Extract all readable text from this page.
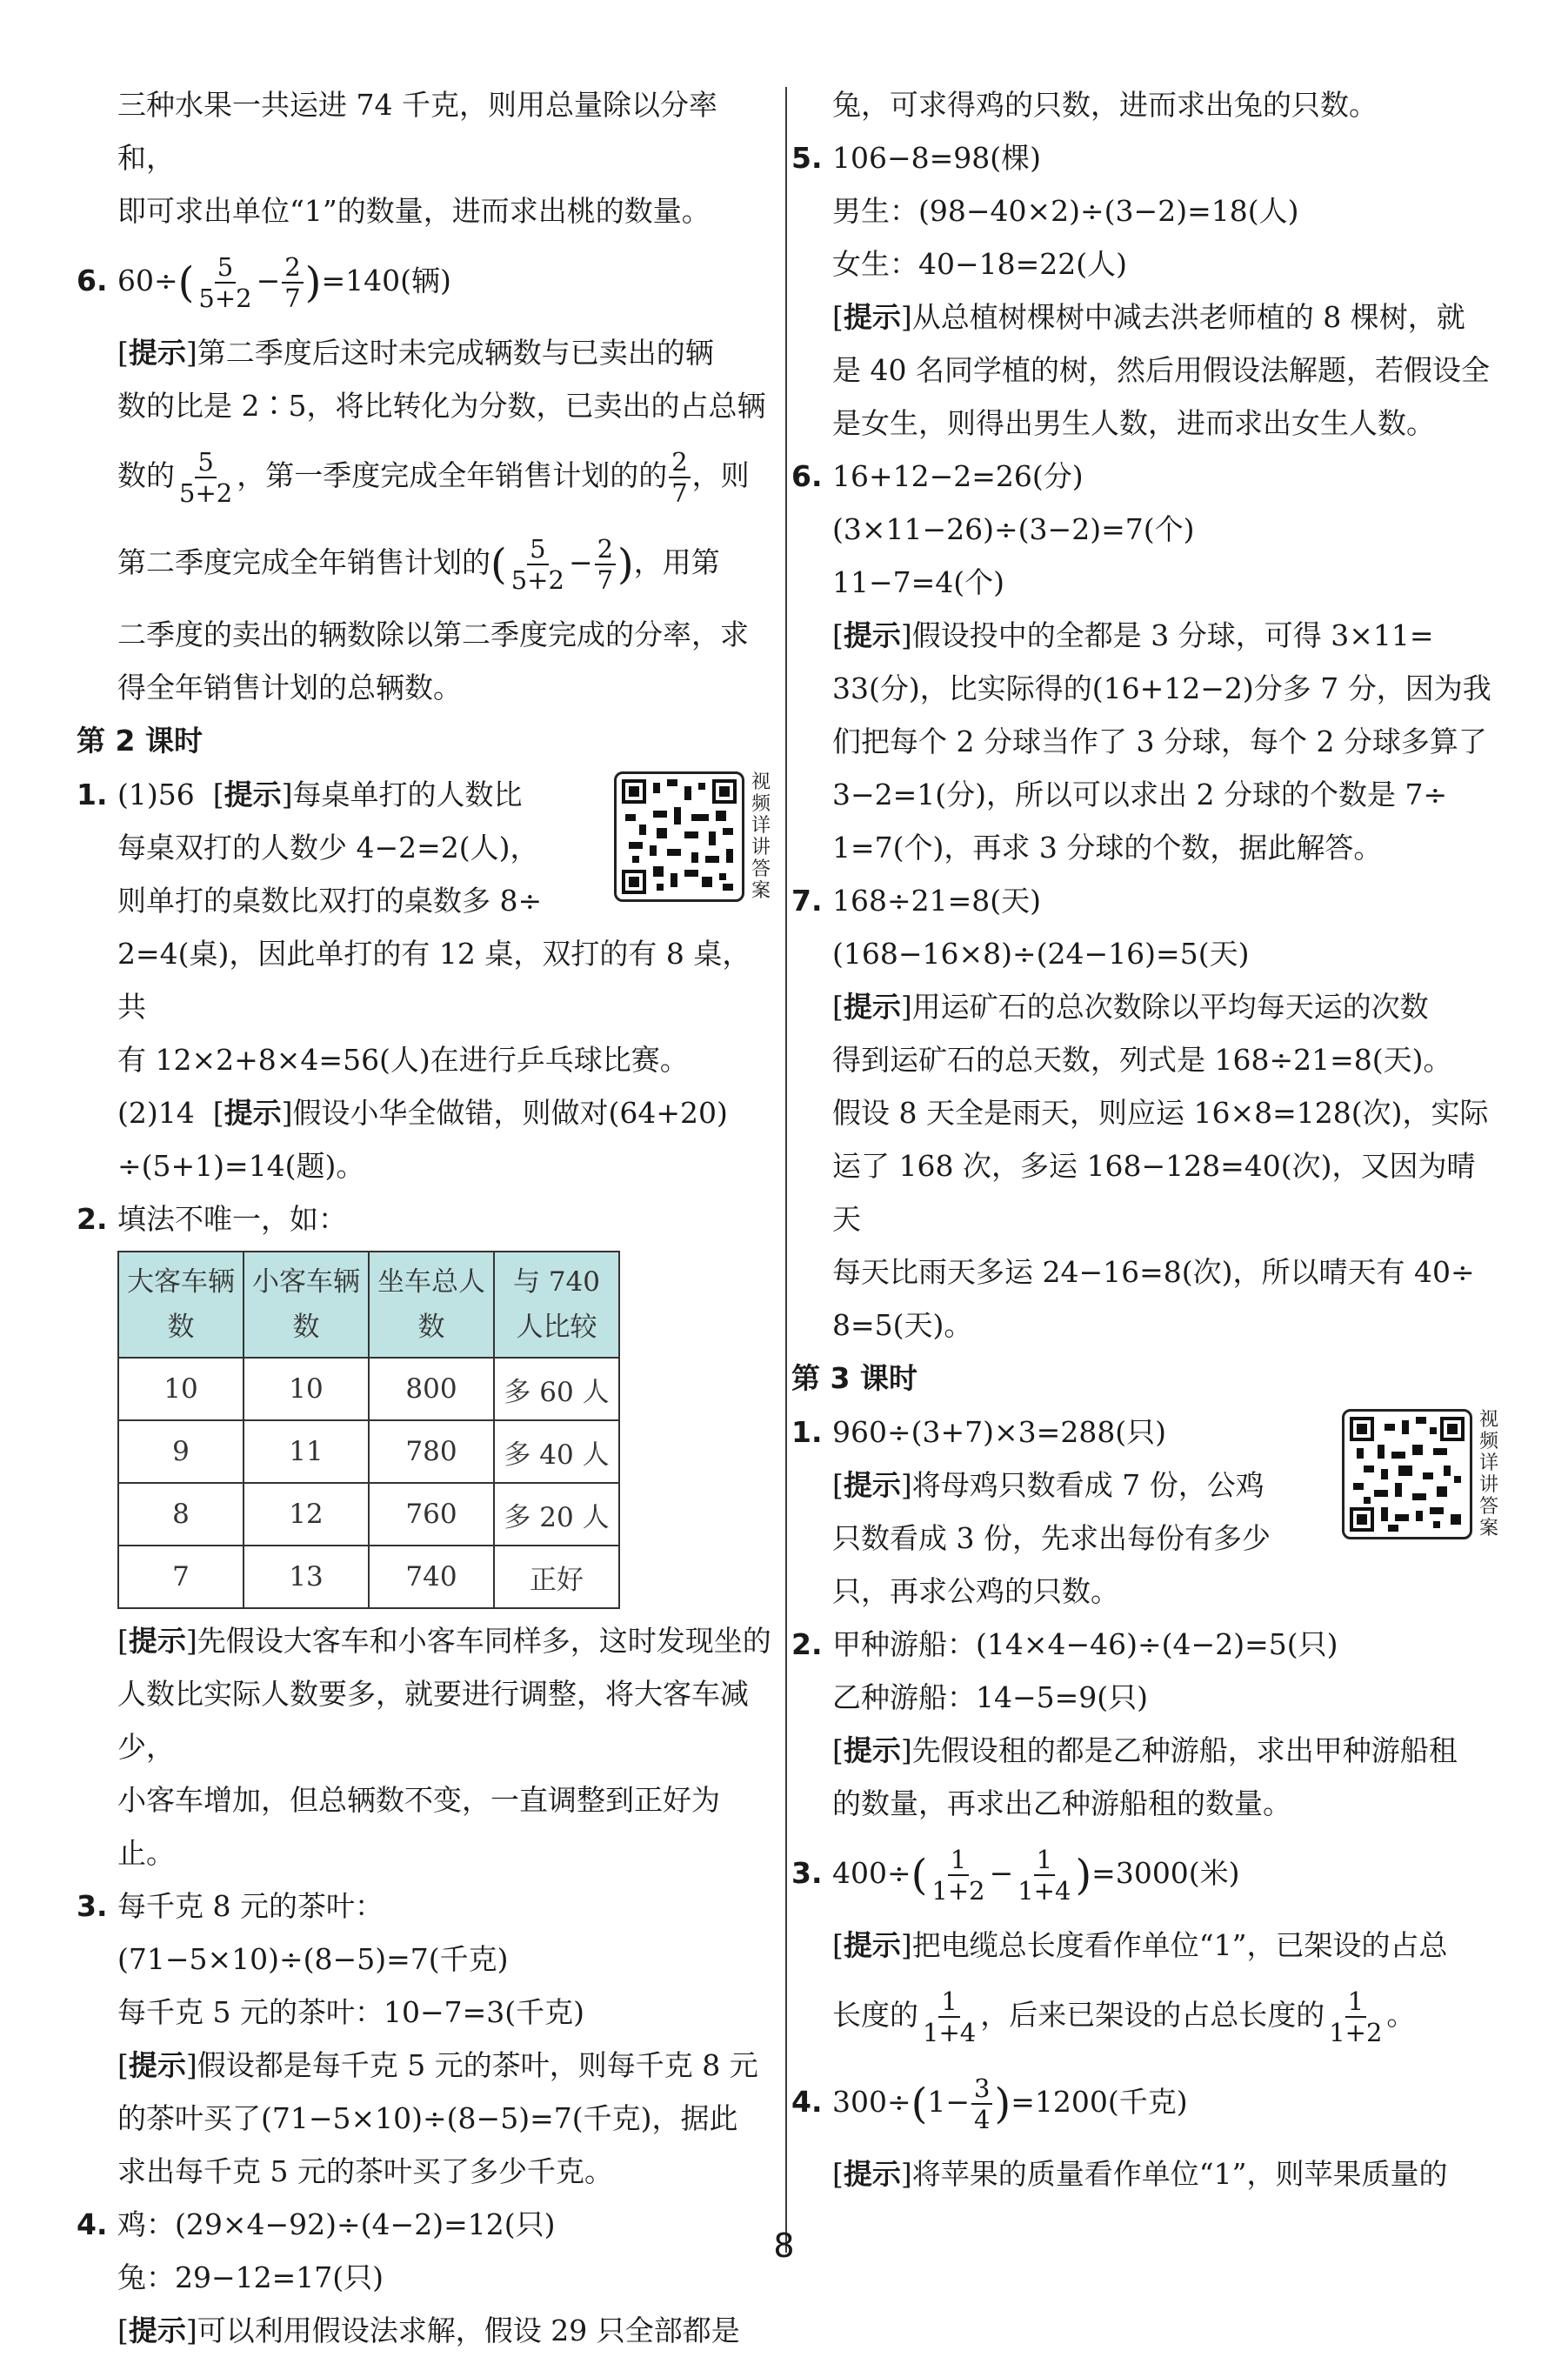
三种水果一共运进 74 千克，则用总量除以分率和，

即可求出单位“1”的数量，进而求出桃的数量。

6. $60\div( \frac{5}{5+2} - \frac{2}{7} )=140$(辆)

[提示]第二季度后这时未完成辆数与已卖出的辆

数的比是 2∶5，将比转化为分数，已卖出的占总辆

数的 $\frac{5}{5+2}$ ，第一季度完成全年销售计划的的 $\frac{2}{7}$ ，则

第二季度完成全年销售计划的( $\frac{5}{5+2} - \frac{2}{7}$ )，用第

二季度的卖出的辆数除以第二季度完成的分率，求

得全年销售计划的总辆数。

第 2 课时

视频详讲答案

1. (1)56  [提示]每桌单打的人数比

每桌双打的人数少 4−2=2(人)，

则单打的桌数比双打的桌数多 8÷

2=4(桌)，因此单打的有 12 桌，双打的有 8 桌，共

有 12×2+8×4=56(人)在进行乒乓球比赛。

(2)14  [提示]假设小华全做错，则做对(64+20)

÷(5+1)=14(题)。

2. 填法不唯一，如：

大客车辆数	小客车辆数	坐车总人数	与 740 人比较
10	10	800	多 60 人
9	11	780	多 40 人
8	12	760	多 20 人
7	13	740	正好

[提示]先假设大客车和小客车同样多，这时发现坐的

人数比实际人数要多，就要进行调整，将大客车减少，

小客车增加，但总辆数不变，一直调整到正好为止。

3. 每千克 8 元的茶叶：

(71−5×10)÷(8−5)=7(千克)

每千克 5 元的茶叶：10−7=3(千克)

[提示]假设都是每千克 5 元的茶叶，则每千克 8 元

的茶叶买了(71−5×10)÷(8−5)=7(千克)，据此

求出每千克 5 元的茶叶买了多少千克。

4. 鸡：(29×4−92)÷(4−2)=12(只)

兔：29−12=17(只)

[提示]可以利用假设法求解，假设 29 只全部都是

兔，可求得鸡的只数，进而求出兔的只数。

5. 106−8=98(棵)

男生：(98−40×2)÷(3−2)=18(人)

女生：40−18=22(人)

[提示]从总植树棵树中减去洪老师植的 8 棵树，就

是 40 名同学植的树，然后用假设法解题，若假设全

是女生，则得出男生人数，进而求出女生人数。

6. 16+12−2=26(分)

(3×11−26)÷(3−2)=7(个)

11−7=4(个)

[提示]假设投中的全都是 3 分球，可得 3×11=

33(分)，比实际得的(16+12−2)分多 7 分，因为我

们把每个 2 分球当作了 3 分球，每个 2 分球多算了

3−2=1(分)，所以可以求出 2 分球的个数是 7÷

1=7(个)，再求 3 分球的个数，据此解答。

7. 168÷21=8(天)

(168−16×8)÷(24−16)=5(天)

[提示]用运矿石的总次数除以平均每天运的次数

得到运矿石的总天数，列式是 168÷21=8(天)。

假设 8 天全是雨天，则应运 16×8=128(次)，实际

运了 168 次，多运 168−128=40(次)，又因为晴天

每天比雨天多运 24−16=8(次)，所以晴天有 40÷

8=5(天)。

第 3 课时

视频详讲答案

1. 960÷(3+7)×3=288(只)

[提示]将母鸡只数看成 7 份，公鸡

只数看成 3 份，先求出每份有多少

只，再求公鸡的只数。

2. 甲种游船：(14×4−46)÷(4−2)=5(只)

乙种游船：14−5=9(只)

[提示]先假设租的都是乙种游船，求出甲种游船租

的数量，再求出乙种游船租的数量。

3. $400\div( \frac{1}{1+2} - \frac{1}{1+4} )=3000$(米)

[提示]把电缆总长度看作单位“1”，已架设的占总

长度的 $\frac{1}{1+4}$ ，后来已架设的占总长度的 $\frac{1}{1+2}$ 。

4. $300\div(1- \frac{3}{4} )=1200$(千克)

[提示]将苹果的质量看作单位“1”，则苹果质量的

8
